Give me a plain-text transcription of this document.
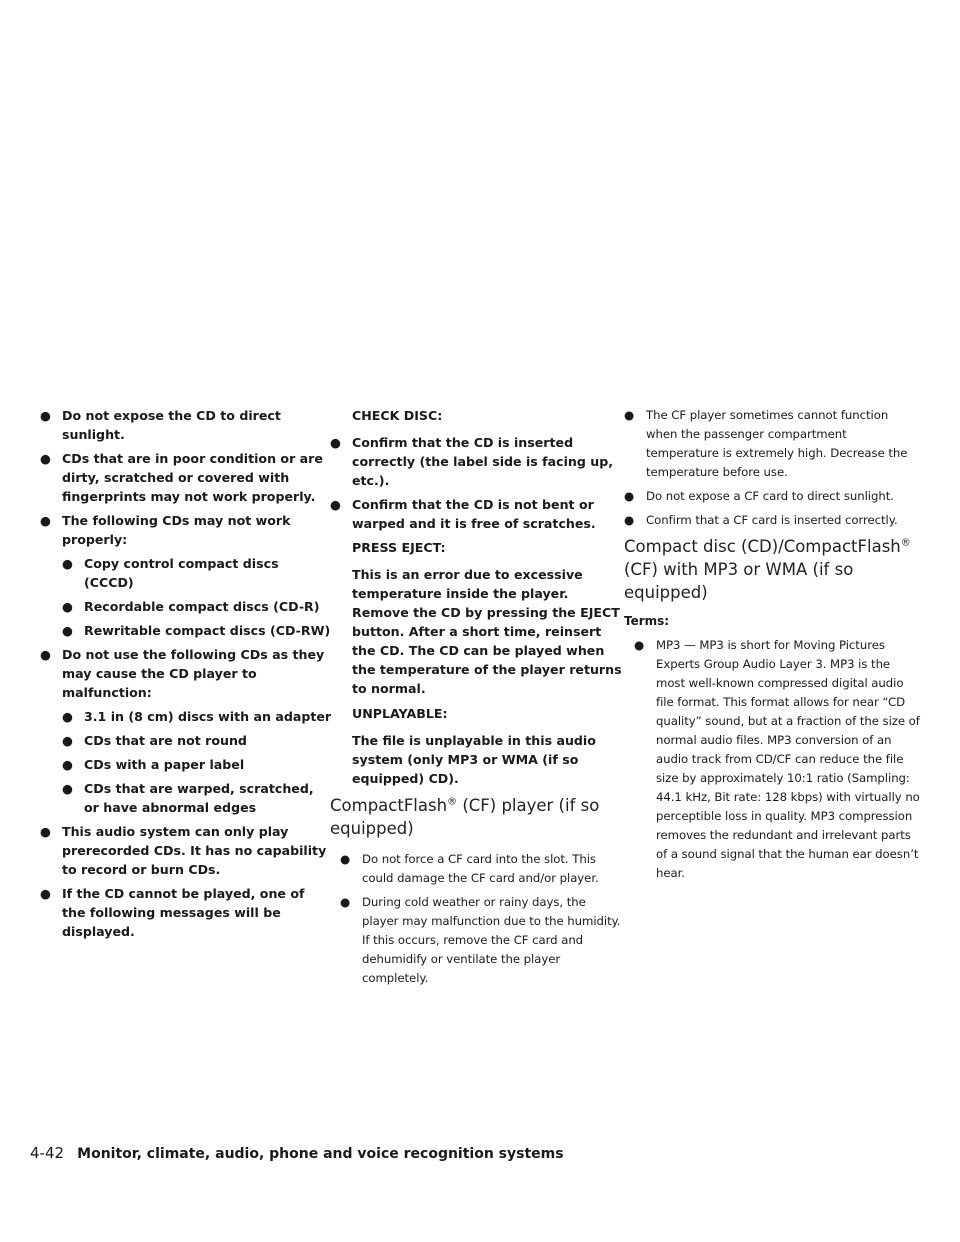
● Do not expose the CD to direct sunlight.
● CDs that are in poor condition or are dirty, scratched or covered with fingerprints may not work properly.
● The following CDs may not work properly:
● Copy control compact discs (CCCD)
● Recordable compact discs (CD-R)
● Rewritable compact discs (CD-RW)
● Do not use the following CDs as they may cause the CD player to malfunction:
● 3.1 in (8 cm) discs with an adapter
● CDs that are not round
● CDs with a paper label
● CDs that are warped, scratched, or have abnormal edges
● This audio system can only play prerecorded CDs. It has no capability to record or burn CDs.
● If the CD cannot be played, one of the following messages will be displayed.
CHECK DISC:
● Confirm that the CD is inserted correctly (the label side is facing up, etc.).
● Confirm that the CD is not bent or warped and it is free of scratches.
PRESS EJECT:
This is an error due to excessive temperature inside the player. Remove the CD by pressing the EJECT button. After a short time, reinsert the CD. The CD can be played when the temperature of the player returns to normal.
UNPLAYABLE:
The file is unplayable in this audio system (only MP3 or WMA (if so equipped) CD).
CompactFlash® (CF) player (if so equipped)
● Do not force a CF card into the slot. This could damage the CF card and/or player.
● During cold weather or rainy days, the player may malfunction due to the humidity. If this occurs, remove the CF card and dehumidify or ventilate the player completely.
● The CF player sometimes cannot function when the passenger compartment temperature is extremely high. Decrease the temperature before use.
● Do not expose a CF card to direct sunlight.
● Confirm that a CF card is inserted correctly.
Compact disc (CD)/CompactFlash® (CF) with MP3 or WMA (if so equipped)
Terms:
● MP3 — MP3 is short for Moving Pictures Experts Group Audio Layer 3. MP3 is the most well-known compressed digital audio file format. This format allows for near “CD quality” sound, but at a fraction of the size of normal audio files. MP3 conversion of an audio track from CD/CF can reduce the file size by approximately 10:1 ratio (Sampling: 44.1 kHz, Bit rate: 128 kbps) with virtually no perceptible loss in quality. MP3 compression removes the redundant and irrelevant parts of a sound signal that the human ear doesn’t hear.
4-42 Monitor, climate, audio, phone and voice recognition systems
